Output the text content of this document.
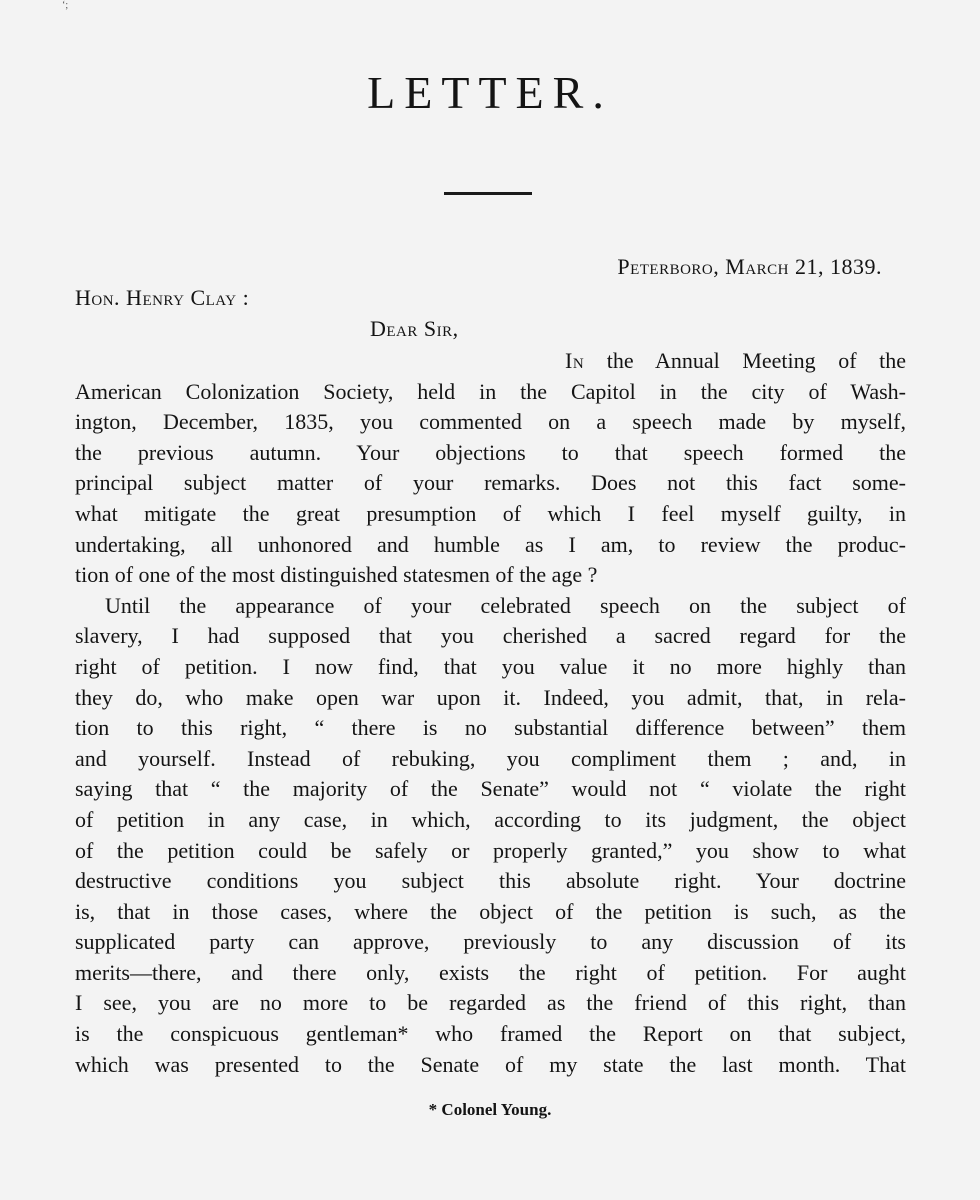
‘;
LETTER.
Peterboro, March 21, 1839.
Hon. Henry Clay :
Dear Sir,
In the Annual Meeting of the
American Colonization Society, held in the Capitol in the city of Wash-
ington, December, 1835, you commented on a speech made by myself,
the previous autumn. Your objections to that speech formed the
principal subject matter of your remarks. Does not this fact some-
what mitigate the great presumption of which I feel myself guilty, in
undertaking, all unhonored and humble as I am, to review the produc-
tion of one of the most distinguished statesmen of the age ?
Until the appearance of your celebrated speech on the subject of
slavery, I had supposed that you cherished a sacred regard for the
right of petition. I now find, that you value it no more highly than
they do, who make open war upon it. Indeed, you admit, that, in rela-
tion to this right, “ there is no substantial difference between” them
and yourself. Instead of rebuking, you compliment them ; and, in
saying that “ the majority of the Senate” would not “ violate the right
of petition in any case, in which, according to its judgment, the object
of the petition could be safely or properly granted,” you show to what
destructive conditions you subject this absolute right. Your doctrine
is, that in those cases, where the object of the petition is such, as the
supplicated party can approve, previously to any discussion of its
merits—there, and there only, exists the right of petition. For aught
I see, you are no more to be regarded as the friend of this right, than
is the conspicuous gentleman* who framed the Report on that subject,
which was presented to the Senate of my state the last month. That
* Colonel Young.
